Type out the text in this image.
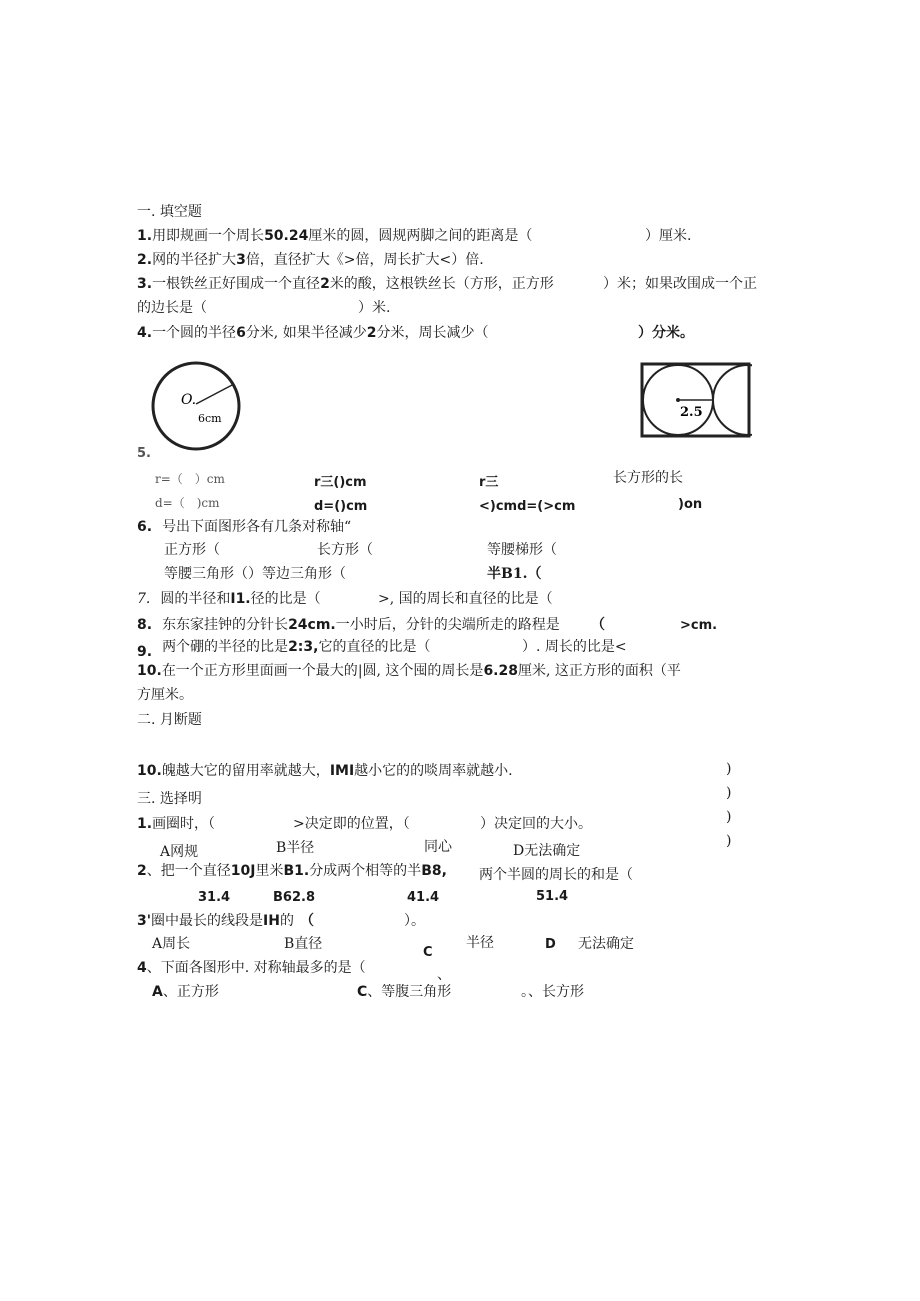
一. 填空题
1.用即规画一个周长50.24厘米的圆，圆规两脚之间的距离是（	）厘米.
2.网的半径扩大3倍，直径扩大《>倍，周长扩大<）倍.
3.一根铁丝正好围成一个直径2米的酸，这根铁丝长（方形，正方形	）米；如果改围成一个正
的边长是（	）米.
4.一个圆的半径6分米, 如果半径减少2分米，周长减少（	）分米。
O.
6cm	2.5
5.
r=（　）cm
d=（　)cm
r三()cm
d=()cm
r三
<)cmd=(>cm
长方形的长
)on
6. 号出下面图形各有几条对称轴“
正方形（	长方形（	等腰梯形（
等腰三角形（）等边三角形（	半B1.（
7. 圆的半径和I1.径的比是（	>, 国的周长和直径的比是（
8. 东东家挂钟的分针长24cm.一小时后，分针的尖端所走的路程是 （	>cm.
9. 两个硼的半径的比是2:3,它的直径的比是（	）. 周长的比是<
10.在一个正方形里面画一个最大的|圆, 这个囤的周长是6.28厘米, 这正方形的面积（平
方厘米。
二. 月断题
10.魄越大它的留用率就越大，IMI越小它的的啖周率就越小.	)
)
)
)
三. 选择明
1.画圈时，（	>决定即的位置，（	）决定回的大小。
A网规	B半径	同心	D无法确定
2、把一个直径10J里米B1.分成两个相等的半B8, 两个半圆的周长的和是（
31.4	B62.8	41.4	51.4
3'圈中最长的线段是IH的 （	）。
A周长	B直径
C
半径	D 无法确定
4、下面各图形中. 对称轴最多的是（	、
A、正方形	C、等腹三角形	。、长方形
